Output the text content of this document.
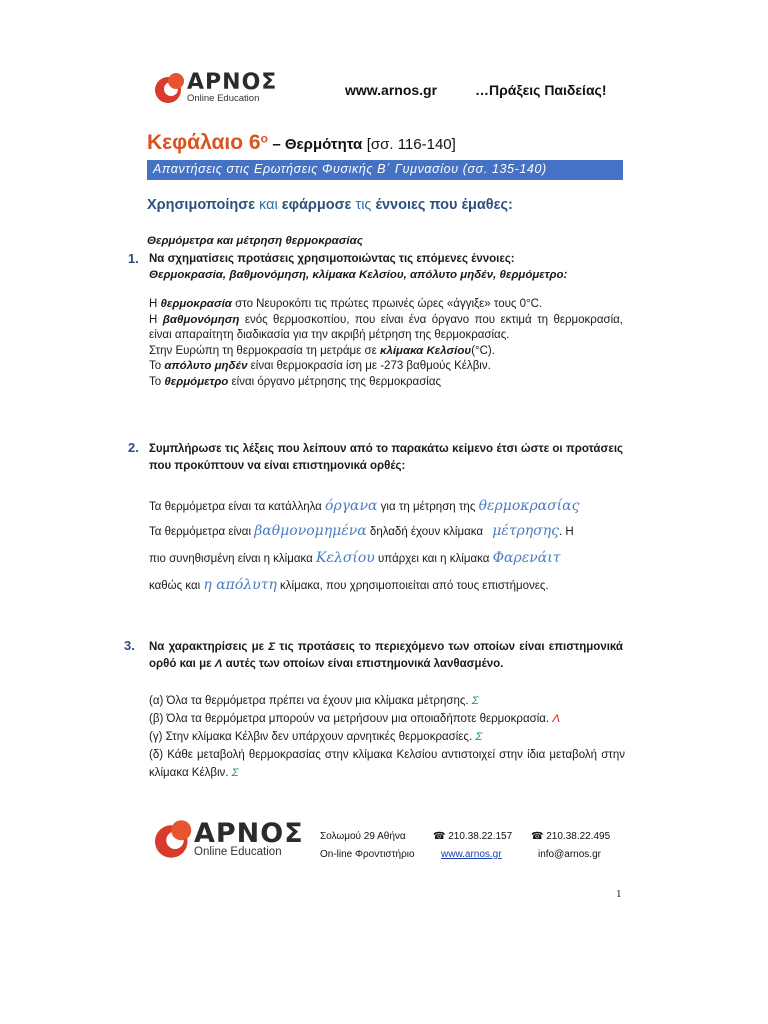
ΑΡΝΟΣ
Online Education
www.arnos.gr	…Πράξεις Παιδείας!
Κεφάλαιο $6^o$ – Θερμότητα [σσ. 116-140]
Απαντήσεις στις Ερωτήσεις Φυσικής Β΄ Γυμνασίου (σσ. 135-140)
Χρησιμοποίησε και εφάρμοσε τις έννοιες που έμαθες:
Θερμόμετρα και μέτρηση θερμοκρασίας
1. Να σχηματίσεις προτάσεις χρησιμοποιώντας τις επόμενες έννοιες:
Θερμοκρασία, βαθμονόμηση, κλίμακα Κελσίου, απόλυτο μηδέν, θερμόμετρο:
Η θερμοκρασία στο Νευροκόπι τις πρώτες πρωινές ώρες «άγγιξε» τους 0°C.
Η βαθμονόμηση ενός θερμοσκοπίου, που είναι ένα όργανο που εκτιμά τη θερμοκρασία, είναι απαραίτητη διαδικασία για την ακριβή μέτρηση της θερμοκρασίας.
Στην Ευρώπη τη θερμοκρασία τη μετράμε σε κλίμακα Κελσίου(°C).
Το απόλυτο μηδέν είναι θερμοκρασία ίση με -273 βαθμούς Κέλβιν.
Το θερμόμετρο είναι όργανο μέτρησης της θερμοκρασίας
2. Συμπλήρωσε τις λέξεις που λείπουν από το παρακάτω κείμενο έτσι ώστε οι προτάσεις που προκύπτουν να είναι επιστημονικά ορθές:
Τα θερμόμετρα είναι τα κατάλληλα όργανα για τη μέτρηση της θερμοκρασίας
Τα θερμόμετρα είναι βαθμονομημένα δηλαδή έχουν κλίμακα μέτρησης. Η
πιο συνηθισμένη είναι η κλίμακα Κελσίου υπάρχει και η κλίμακα Φαρενάιτ
καθώς και η απόλυτη κλίμακα, που χρησιμοποιείται από τους επιστήμονες.
3. Να χαρακτηρίσεις με Σ τις προτάσεις το περιεχόμενο των οποίων είναι επιστημονικά ορθό και με Λ αυτές των οποίων είναι επιστημονικά λανθασμένο.
(α) Όλα τα θερμόμετρα πρέπει να έχουν μια κλίμακα μέτρησης. Σ
(β) Όλα τα θερμόμετρα μπορούν να μετρήσουν μια οποιαδήποτε θερμοκρασία. Λ
(γ) Στην κλίμακα Κέλβιν δεν υπάρχουν αρνητικές θερμοκρασίες. Σ
(δ) Κάθε μεταβολή θερμοκρασίας στην κλίμακα Κελσίου αντιστοιχεί στην ίδια μεταβολή στην κλίμακα Κέλβιν. Σ
ΑΡΝΟΣ
Online Education
Σολωμού 29 Αθήνα
On-line Φροντιστήριο
☎ 210.38.22.157
www.arnos.gr
☎ 210.38.22.495
info@arnos.gr
1
